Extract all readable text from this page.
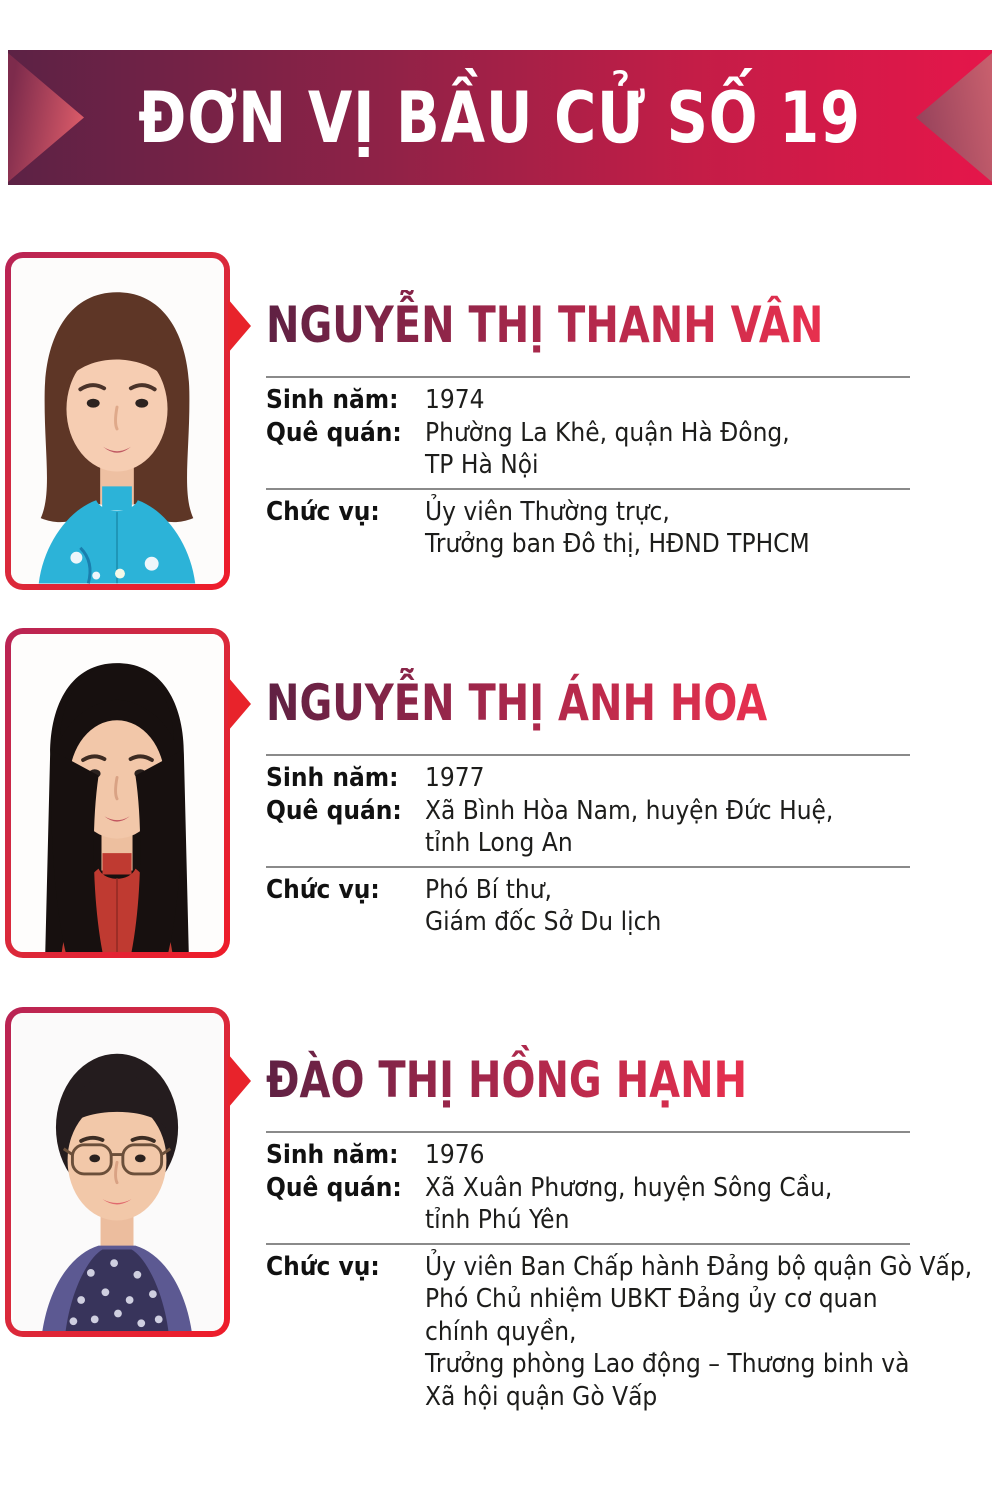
ĐƠN VỊ BẦU CỬ SỐ 19
NGUYỄN THỊ THANH VÂN
Sinh năm:	1974
Quê quán: Phường La Khê, quận Hà Đông,
TP Hà Nội
Chức vụ:	Ủy viên Thường trực,
Trưởng ban Đô thị, HĐND TPHCM
NGUYỄN THỊ ÁNH HOA
Sinh năm:	1977
Quê quán: Xã Bình Hòa Nam, huyện Đức Huệ,
tỉnh Long An
Chức vụ:	Phó Bí thư,
Giám đốc Sở Du lịch
ĐÀO THỊ HỒNG HẠNH
Sinh năm:	1976
Quê quán: Xã Xuân Phương, huyện Sông Cầu,
tỉnh Phú Yên
Chức vụ:	Ủy viên Ban Chấp hành Đảng bộ quận Gò Vấp,
Phó Chủ nhiệm UBKT Đảng ủy cơ quan
chính quyền,
Trưởng phòng Lao động – Thương binh và
Xã hội quận Gò Vấp
